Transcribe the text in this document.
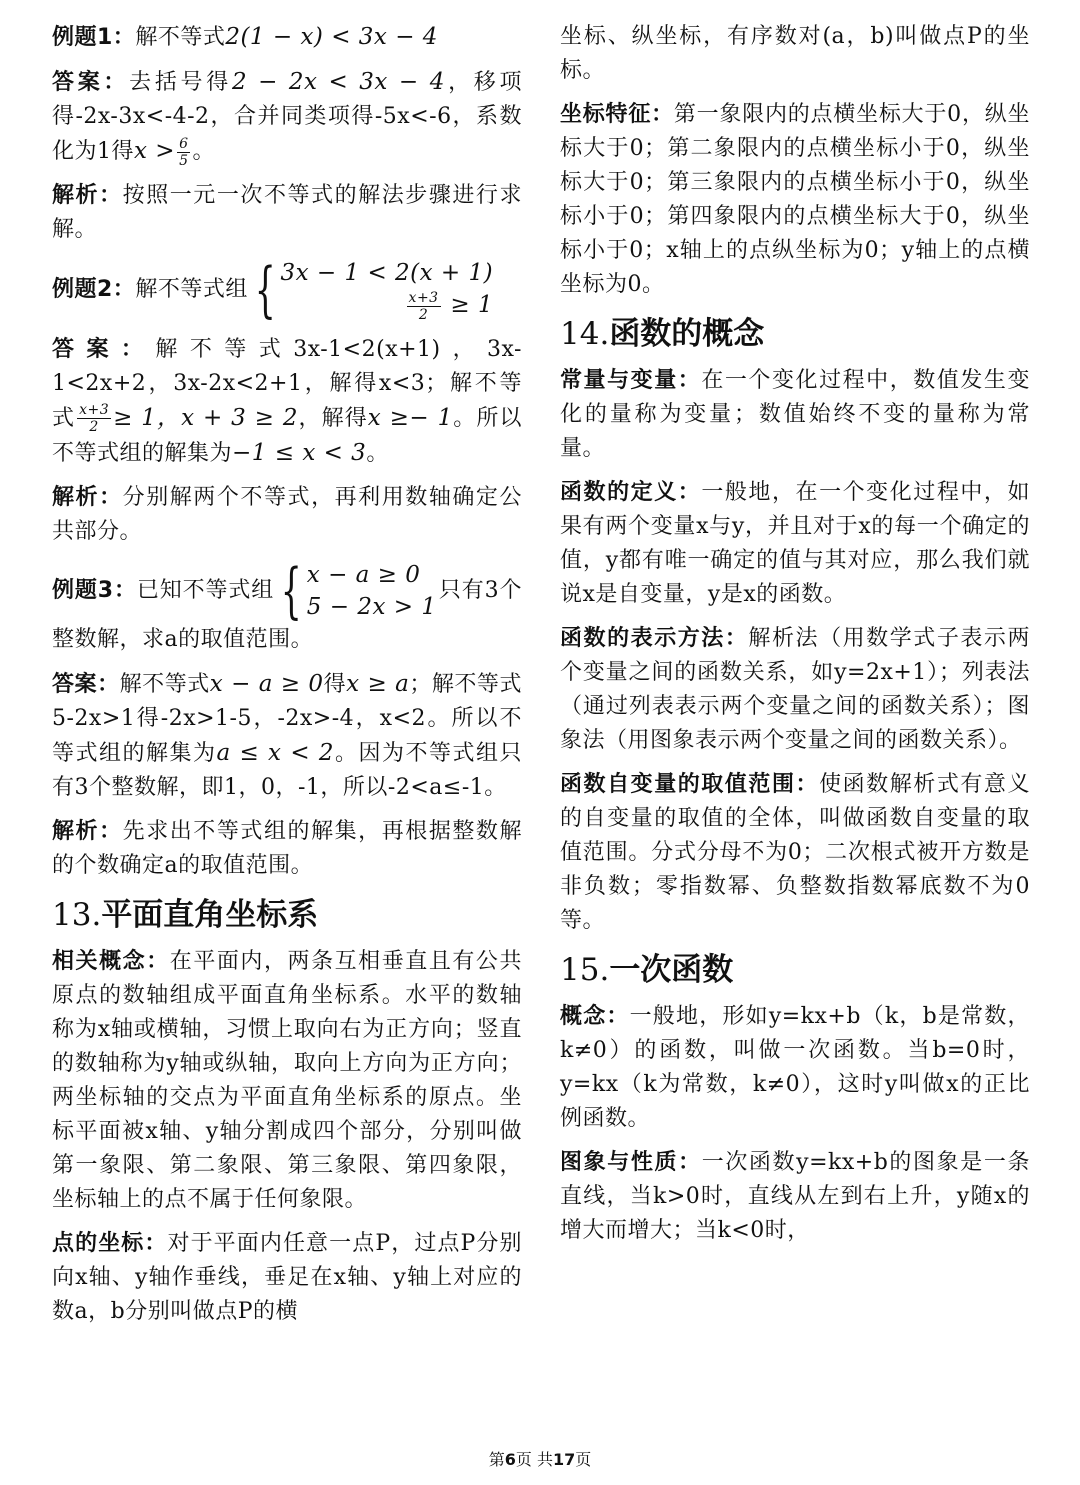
例题1：解不等式2(1 − x) < 3x − 4

答案：去括号得2 − 2x < 3x − 4，移项得-2x-3x<-4-2，合并同类项得-5x<-6，系数化为1得$x > \frac{6}{5}$ 。

解析：按照一元一次不等式的解法步骤进行求解。

例题2：解不等式组 { 3x − 1 < 2(x + 1)
$\frac{x+3}{2} \ge 1$

答案：解不等式3x-1<2(x+1)，3x-1<2x+2，3x-2x<2+1，解得x<3；解不等式 $\frac{x+3}{2} \ge 1$，x + 3 ≥ 2，解得x ≥− 1。所以不等式组的解集为−1 ≤ x < 3。

解析：分别解两个不等式，再利用数轴确定公共部分。

例题3：已知不等式组 { x − a ≥ 0
5 − 2x > 1
只有3个整数解，求a的取值范围。

答案：解不等式x − a ≥ 0得x ≥ a；解不等式5-2x>1得-2x>1-5，-2x>-4，x<2。所以不等式组的解集为a ≤ x < 2。因为不等式组只有3个整数解，即1，0，-1，所以-2<a≤-1。

解析：先求出不等式组的解集，再根据整数解的个数确定a的取值范围。

13.平面直角坐标系

相关概念：在平面内，两条互相垂直且有公共原点的数轴组成平面直角坐标系。水平的数轴称为x轴或横轴，习惯上取向右为正方向；竖直的数轴称为y轴或纵轴，取向上方向为正方向；两坐标轴的交点为平面直角坐标系的原点。坐标平面被x轴、y轴分割成四个部分，分别叫做第一象限、第二象限、第三象限、第四象限，坐标轴上的点不属于任何象限。

点的坐标：对于平面内任意一点P，过点P分别向x轴、y轴作垂线，垂足在x轴、y轴上对应的数a，b分别叫做点P的横

坐标、纵坐标，有序数对(a，b)叫做点P的坐标。

坐标特征：第一象限内的点横坐标大于0，纵坐标大于0；第二象限内的点横坐标小于0，纵坐标大于0；第三象限内的点横坐标小于0，纵坐标小于0；第四象限内的点横坐标大于0，纵坐标小于0；x轴上的点纵坐标为0；y轴上的点横坐标为0。

14.函数的概念

常量与变量：在一个变化过程中，数值发生变化的量称为变量；数值始终不变的量称为常量。

函数的定义：一般地，在一个变化过程中，如果有两个变量x与y，并且对于x的每一个确定的值，y都有唯一确定的值与其对应，那么我们就说x是自变量，y是x的函数。

函数的表示方法：解析法（用数学式子表示两个变量之间的函数关系，如y=2x+1）；列表法（通过列表表示两个变量之间的函数关系）；图象法（用图象表示两个变量之间的函数关系）。

函数自变量的取值范围：使函数解析式有意义的自变量的取值的全体，叫做函数自变量的取值范围。分式分母不为0；二次根式被开方数是非负数；零指数幂、负整数指数幂底数不为0等。

15.一次函数

概念：一般地，形如y=kx+b（k，b是常数，k≠0）的函数，叫做一次函数。当b=0时，y=kx（k为常数，k≠0），这时y叫做x的正比例函数。

图象与性质：一次函数y=kx+b的图象是一条直线，当k>0时，直线从左到右上升，y随x的增大而增大；当k<0时，

第6页 共17页
